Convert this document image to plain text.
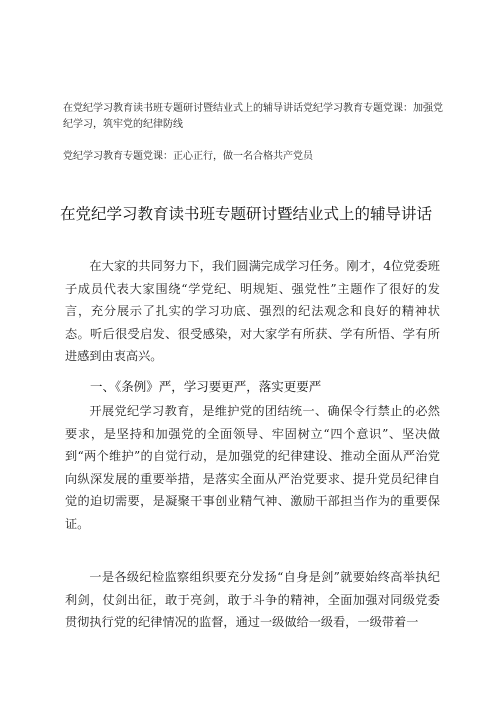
在党纪学习教育读书班专题研讨暨结业式上的辅导讲话党纪学习教育专题党课：加强党纪学习，筑牢党的纪律防线
党纪学习教育专题党课：正心正行，做一名合格共产党员
在党纪学习教育读书班专题研讨暨结业式上的辅导讲话

在大家的共同努力下，我们圆满完成学习任务。刚才，4位党委班子成员代表大家围绕“学党纪、明规矩、强党性”主题作了很好的发言，充分展示了扎实的学习功底、强烈的纪法观念和良好的精神状态。听后很受启发、很受感染，对大家学有所获、学有所悟、学有所进感到由衷高兴。

一、《条例》严，学习要更严，落实更要严

开展党纪学习教育，是维护党的团结统一、确保令行禁止的必然要求，是坚持和加强党的全面领导、牢固树立“四个意识”、坚决做到“两个维护”的自觉行动，是加强党的纪律建设、推动全面从严治党向纵深发展的重要举措，是落实全面从严治党要求、提升党员纪律自觉的迫切需要，是凝聚干事创业精气神、激励干部担当作为的重要保证。

一是各级纪检监察组织要充分发扬“自身是剑”就要始终高举执纪利剑，仗剑出征，敢于亮剑，敢于斗争的精神，全面加强对同级党委贯彻执行党的纪律情况的监督，通过一级做给一级看，一级带着一
